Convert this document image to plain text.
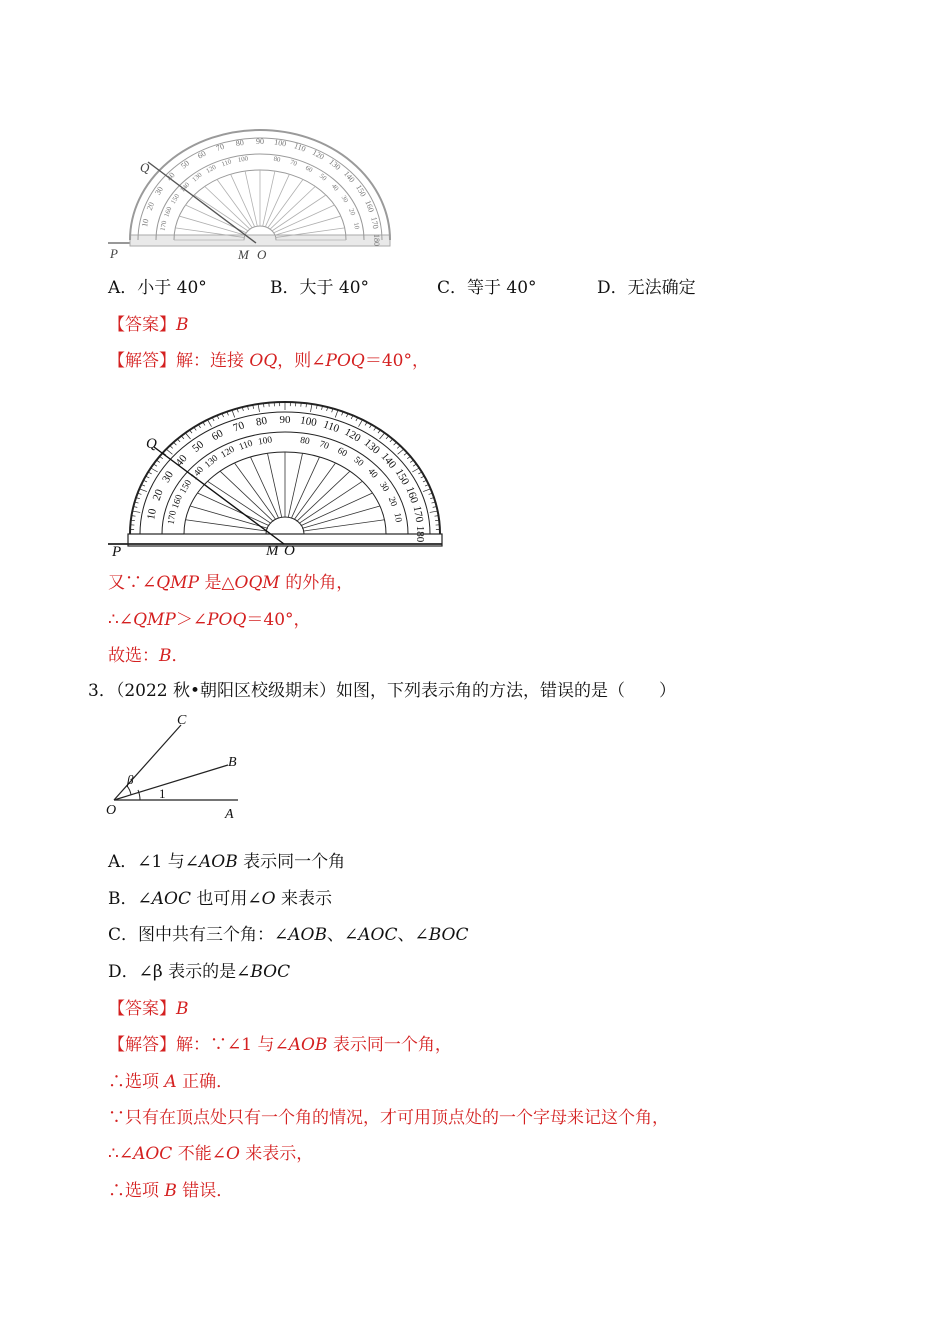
Q
P	M O
10
20
30
40
50
60
70 80 90 100 110
120
130
140
150
160
170
180
170
160
150
140
130
120
110 100	80 70
60
50
40
30
20
10
A．小于 40°	B．大于 40°	C．等于 40°	D．无法确定
【答案】B
【解答】解：连接 OQ，则∠POQ＝40°，
Q
P	M O
10
20
30
40
50
60
70 80 90 100 110 120
130
140
150
160
170
180
170
160
150
140
130
120 110 100	80 70
60
50
40
30
20
10
又∵∠QMP 是△OQM 的外角，
∴∠QMP＞∠POQ＝40°，
故选：B．
3．（2022 秋•朝阳区校级期末）如图，下列表示角的方法，错误的是（　　）
C
B
O	A
β
1
A．∠1 与∠AOB 表示同一个角
B．∠AOC 也可用∠O 来表示
C．图中共有三个角：∠AOB、∠AOC、∠BOC
D．∠β 表示的是∠BOC
【答案】B
【解答】解：∵∠1 与∠AOB 表示同一个角，
∴选项 A 正确．
∵只有在顶点处只有一个角的情况，才可用顶点处的一个字母来记这个角，
∴∠AOC 不能∠O 来表示，
∴选项 B 错误．
